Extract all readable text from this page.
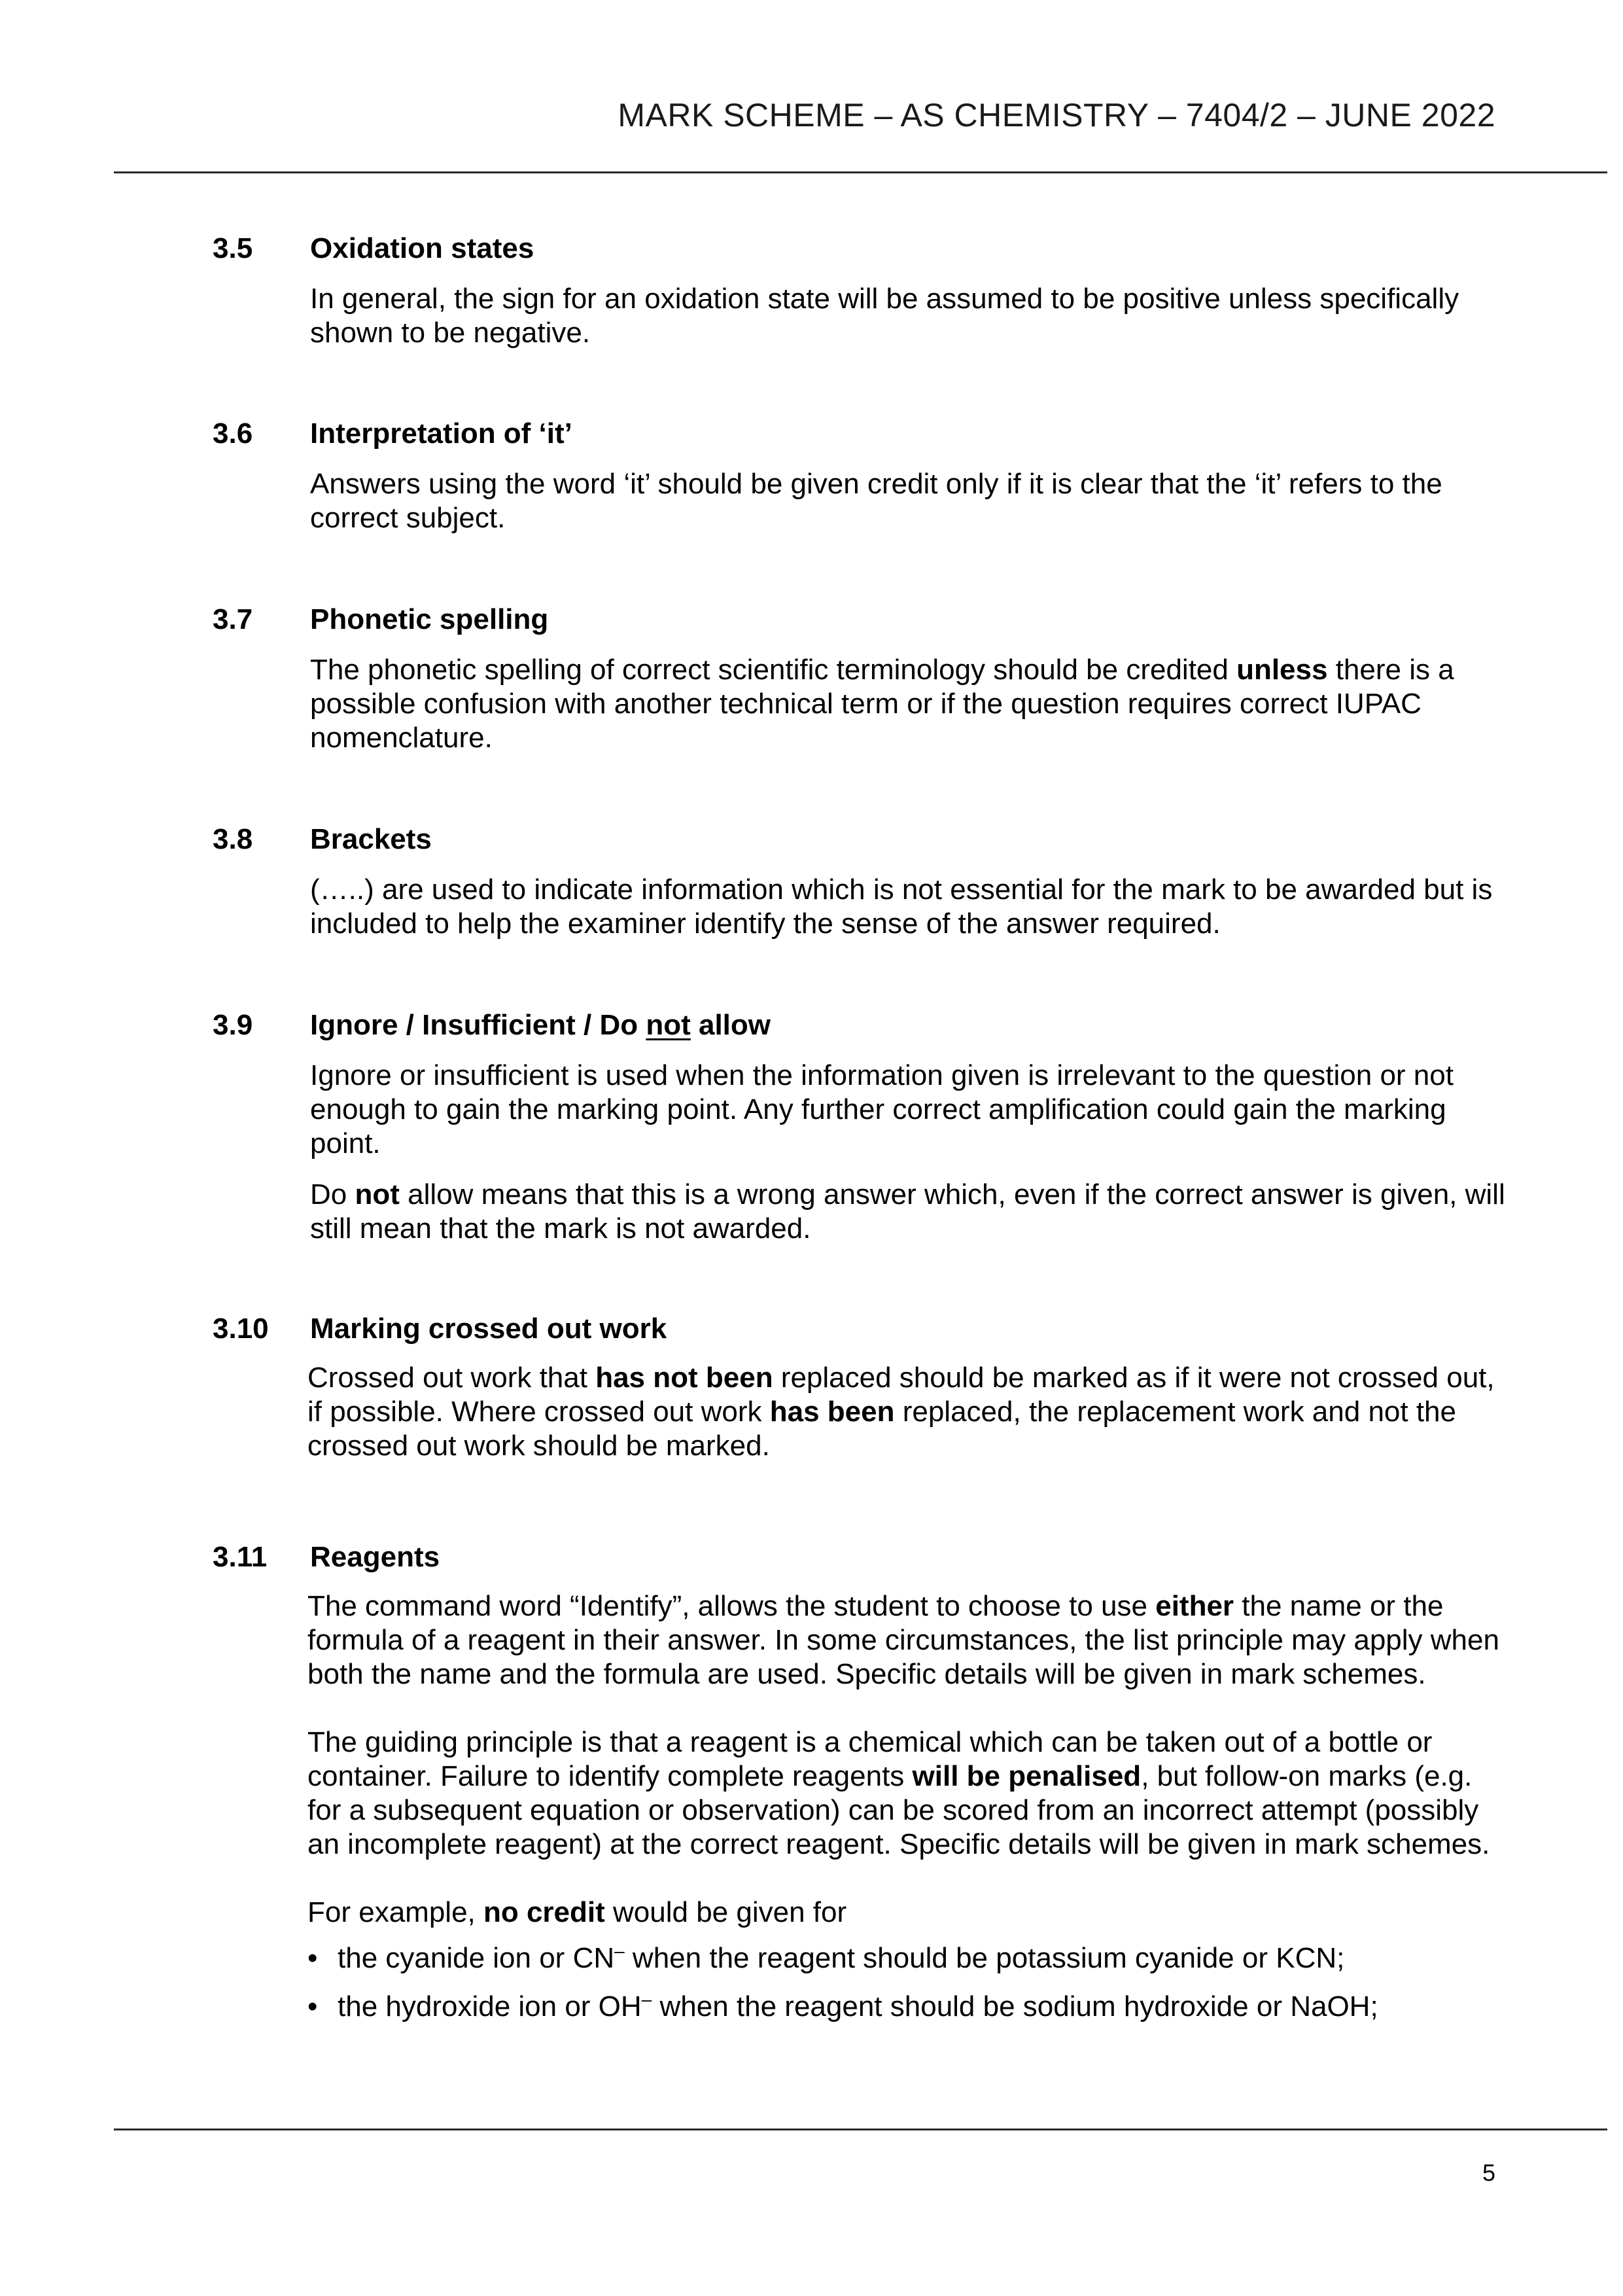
MARK SCHEME – AS CHEMISTRY – 7404/2 – JUNE 2022
3.5 Oxidation states

In general, the sign for an oxidation state will be assumed to be positive unless specifically shown to be negative.

3.6 Interpretation of ‘it’

Answers using the word ‘it’ should be given credit only if it is clear that the ‘it’ refers to the correct subject.

3.7 Phonetic spelling

The phonetic spelling of correct scientific terminology should be credited unless there is a possible confusion with another technical term or if the question requires correct IUPAC nomenclature.

3.8 Brackets

(…..) are used to indicate information which is not essential for the mark to be awarded but is included to help the examiner identify the sense of the answer required.

3.9 Ignore / Insufficient / Do not allow

Ignore or insufficient is used when the information given is irrelevant to the question or not enough to gain the marking point. Any further correct amplification could gain the marking point.

Do not allow means that this is a wrong answer which, even if the correct answer is given, will still mean that the mark is not awarded.

3.10 Marking crossed out work

Crossed out work that has not been replaced should be marked as if it were not crossed out, if possible. Where crossed out work has been replaced, the replacement work and not the crossed out work should be marked.

3.11 Reagents

The command word “Identify”, allows the student to choose to use either the name or the formula of a reagent in their answer. In some circumstances, the list principle may apply when both the name and the formula are used. Specific details will be given in mark schemes.

The guiding principle is that a reagent is a chemical which can be taken out of a bottle or container. Failure to identify complete reagents will be penalised, but follow-on marks (e.g. for a subsequent equation or observation) can be scored from an incorrect attempt (possibly an incomplete reagent) at the correct reagent. Specific details will be given in mark schemes.

For example, no credit would be given for

• the cyanide ion or CN– when the reagent should be potassium cyanide or KCN;
• the hydroxide ion or OH– when the reagent should be sodium hydroxide or NaOH;
5
